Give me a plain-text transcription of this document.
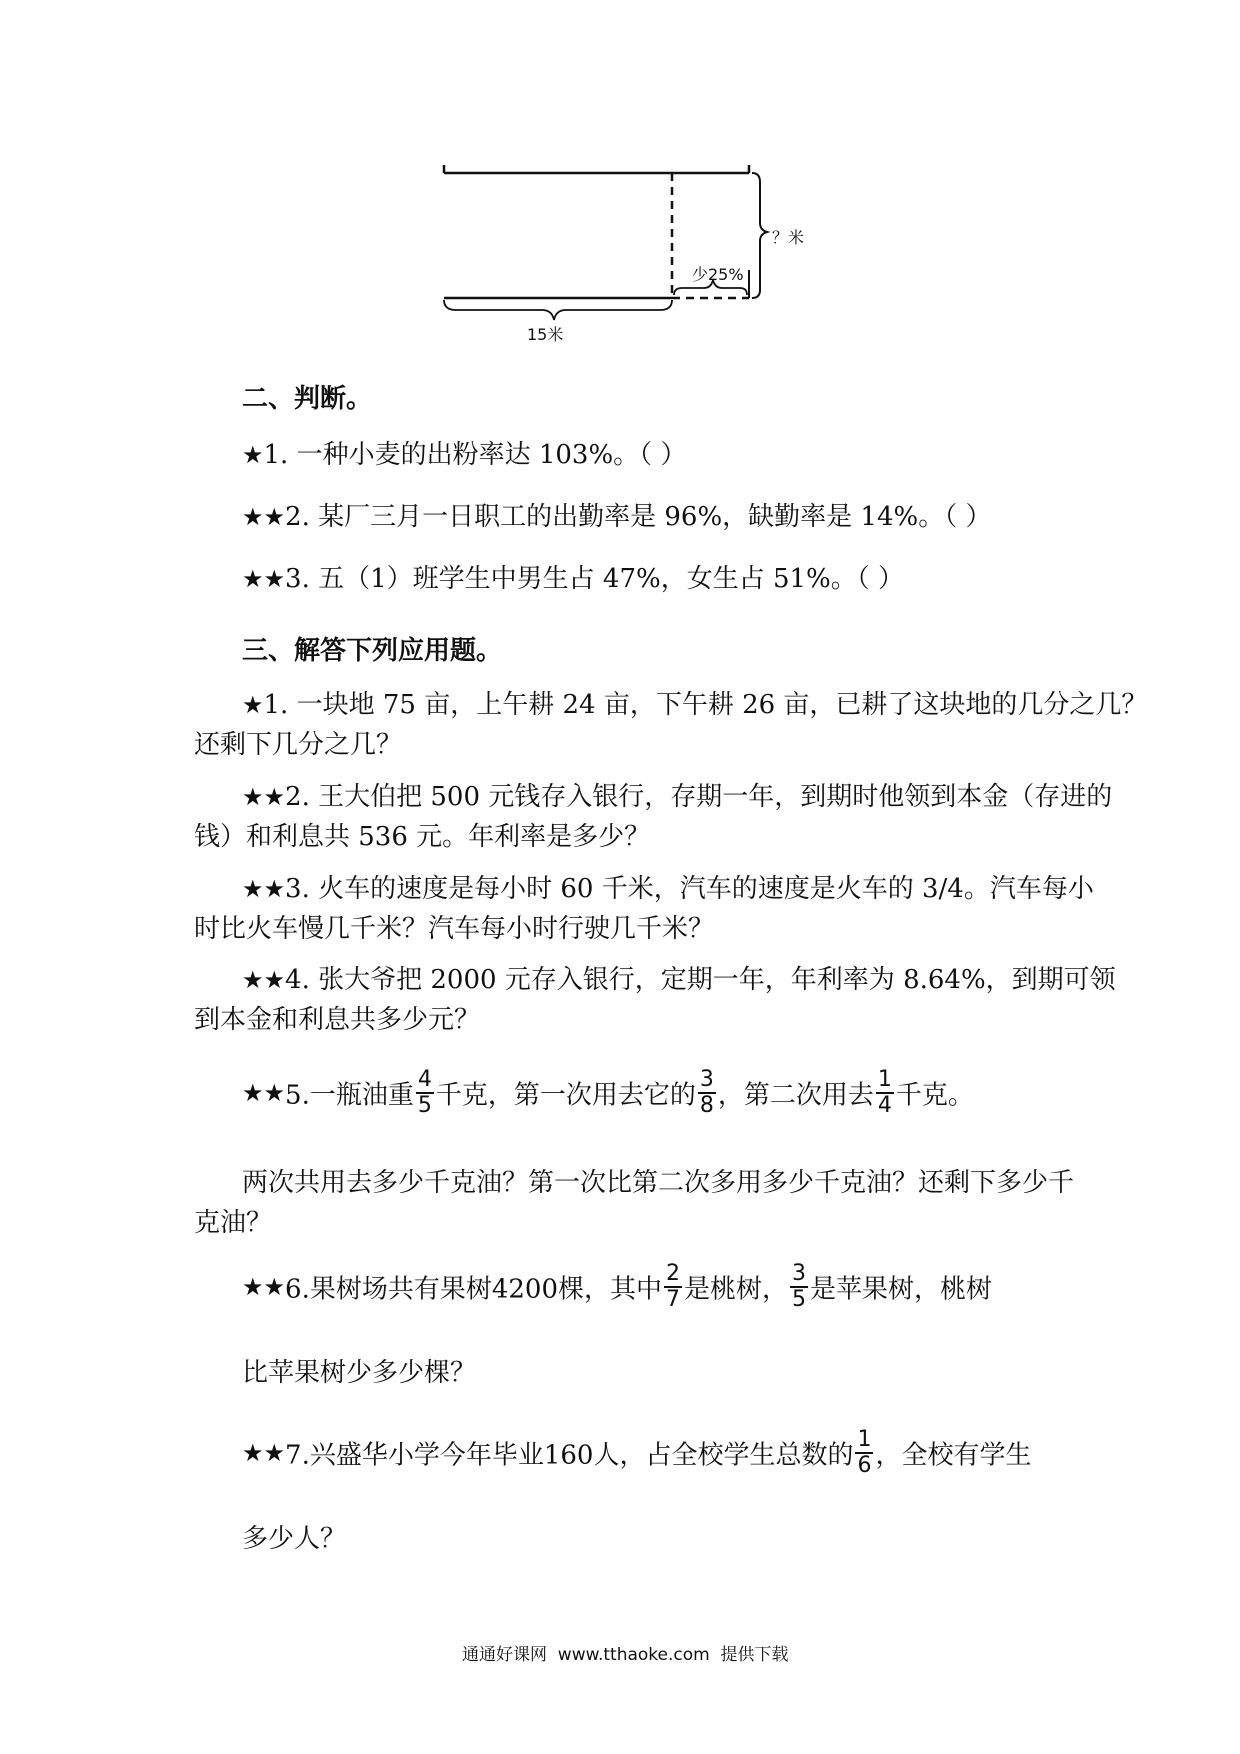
？米
少25%
15米
二、判断。
★1. 一种小麦的出粉率达 103%。（ ）
★★2. 某厂三月一日职工的出勤率是 96%，缺勤率是 14%。（ ）
★★3. 五（1）班学生中男生占 47%，女生占 51%。（ ）
三、解答下列应用题。
★1. 一块地 75 亩，上午耕 24 亩，下午耕 26 亩，已耕了这块地的几分之几？
还剩下几分之几？
★★2. 王大伯把 500 元钱存入银行，存期一年，到期时他领到本金（存进的
钱）和利息共 536 元。年利率是多少？
★★3. 火车的速度是每小时 60 千米，汽车的速度是火车的 3/4。汽车每小
时比火车慢几千米？汽车每小时行驶几千米？
★★4. 张大爷把 2000 元存入银行，定期一年，年利率为 8.64%，到期可领
到本金和利息共多少元？
★★5.一瓶油重 $\frac{4}{5}$ 千克，第一次用去它的 $\frac{3}{8}$ ，第二次用去 $\frac{1}{4}$ 千克。
两次共用去多少千克油？第一次比第二次多用多少千克油？还剩下多少千
克油？
★★6.果树场共有果树4200棵，其中 $\frac{2}{7}$ 是桃树， $\frac{3}{5}$ 是苹果树，桃树
比苹果树少多少棵？
★★7.兴盛华小学今年毕业160人，占全校学生总数的 $\frac{1}{6}$ ，全校有学生
多少人？
通通好课网  www.tthaoke.com  提供下载
